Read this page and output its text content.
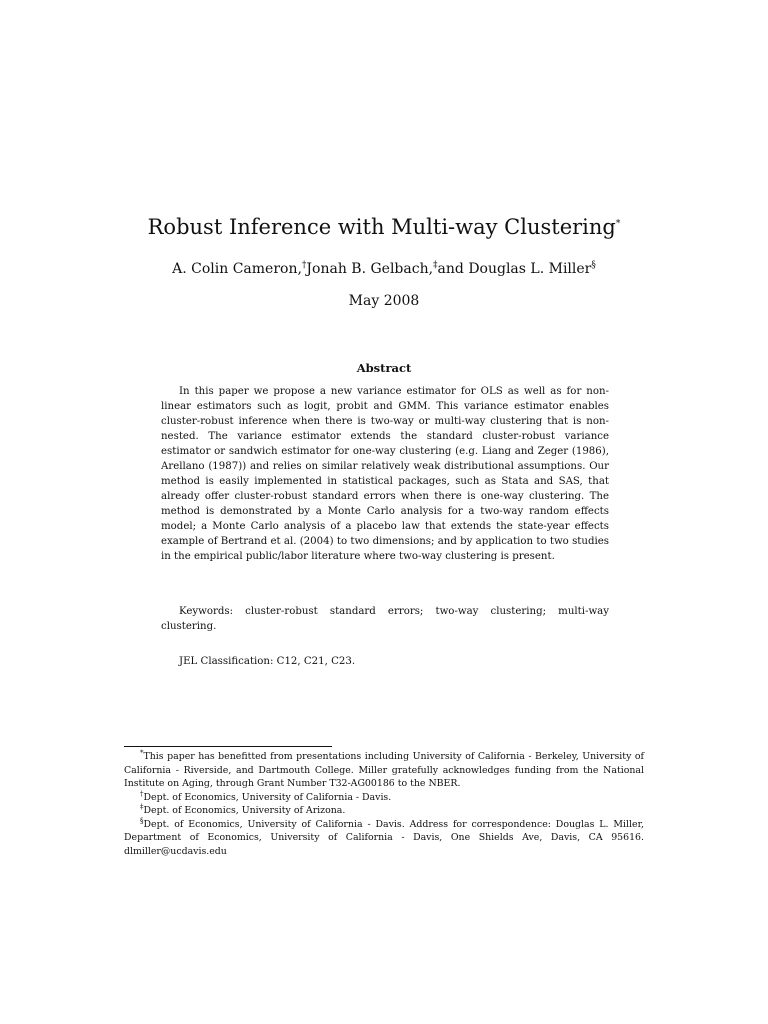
Robust Inference with Multi-way Clustering*
A. Colin Cameron,†Jonah B. Gelbach,‡and Douglas L. Miller§
May 2008
Abstract

In this paper we propose a new variance estimator for OLS as well as for non-linear estimators such as logit, probit and GMM. This variance estimator enables cluster-robust inference when there is two-way or multi-way clustering that is non-nested. The variance estimator extends the standard cluster-robust variance estimator or sandwich estimator for one-way clustering (e.g. Liang and Zeger (1986), Arellano (1987)) and relies on similar relatively weak distributional assumptions. Our method is easily implemented in statistical packages, such as Stata and SAS, that already offer cluster-robust standard errors when there is one-way clustering. The method is demonstrated by a Monte Carlo analysis for a two-way random effects model; a Monte Carlo analysis of a placebo law that extends the state-year effects example of Bertrand et al. (2004) to two dimensions; and by application to two studies in the empirical public/labor literature where two-way clustering is present.

Keywords: cluster-robust standard errors; two-way clustering; multi-way clustering.

JEL Classification: C12, C21, C23.

*This paper has benefitted from presentations including University of California - Berkeley, University of California - Riverside, and Dartmouth College. Miller gratefully acknowledges funding from the National Institute on Aging, through Grant Number T32-AG00186 to the NBER.

†Dept. of Economics, University of California - Davis.

‡Dept. of Economics, University of Arizona.

§Dept. of Economics, University of California - Davis. Address for correspondence: Douglas L. Miller, Department of Economics, University of California - Davis, One Shields Ave, Davis, CA 95616. dlmiller@ucdavis.edu
